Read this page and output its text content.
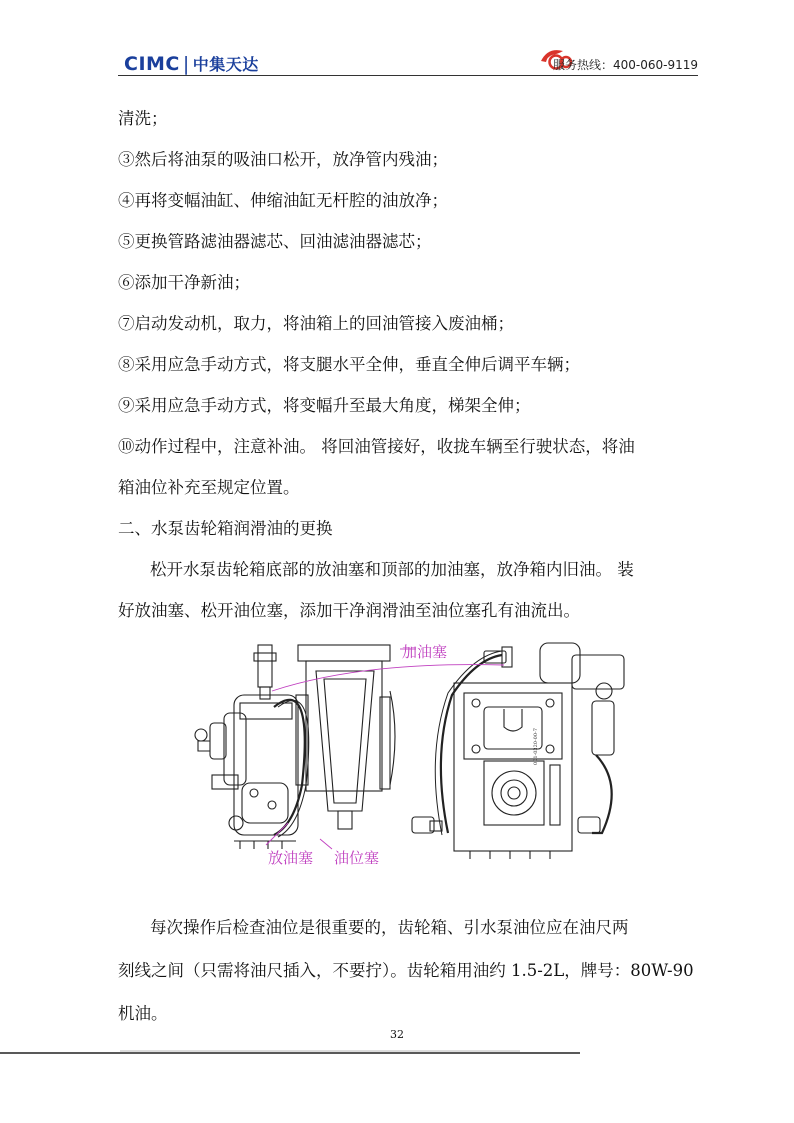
CIMC | 中集天达	服务热线：400-060-9119
清洗；
③然后将油泵的吸油口松开，放净管内残油；
④再将变幅油缸、伸缩油缸无杆腔的油放净；
⑤更换管路滤油器滤芯、回油滤油器滤芯；
⑥添加干净新油；
⑦启动发动机，取力，将油箱上的回油管接入废油桶；
⑧采用应急手动方式，将支腿水平全伸，垂直全伸后调平车辆；
⑨采用应急手动方式，将变幅升至最大角度，梯架全伸；
⑩动作过程中，注意补油。 将回油管接好，收拢车辆至行驶状态，将油
箱油位补充至规定位置。
二、水泵齿轮箱润滑油的更换
松开水泵齿轮箱底部的放油塞和顶部的加油塞，放净箱内旧油。 装
好放油塞、松开油位塞，添加干净润滑油至油位塞孔有油流出。
001-0320-00-7
加油塞
放油塞 油位塞
每次操作后检查油位是很重要的，齿轮箱、引水泵油位应在油尺两
刻线之间（只需将油尺插入，不要拧）。齿轮箱用油约 1.5-2L，牌号：80W-90
机油。
32
